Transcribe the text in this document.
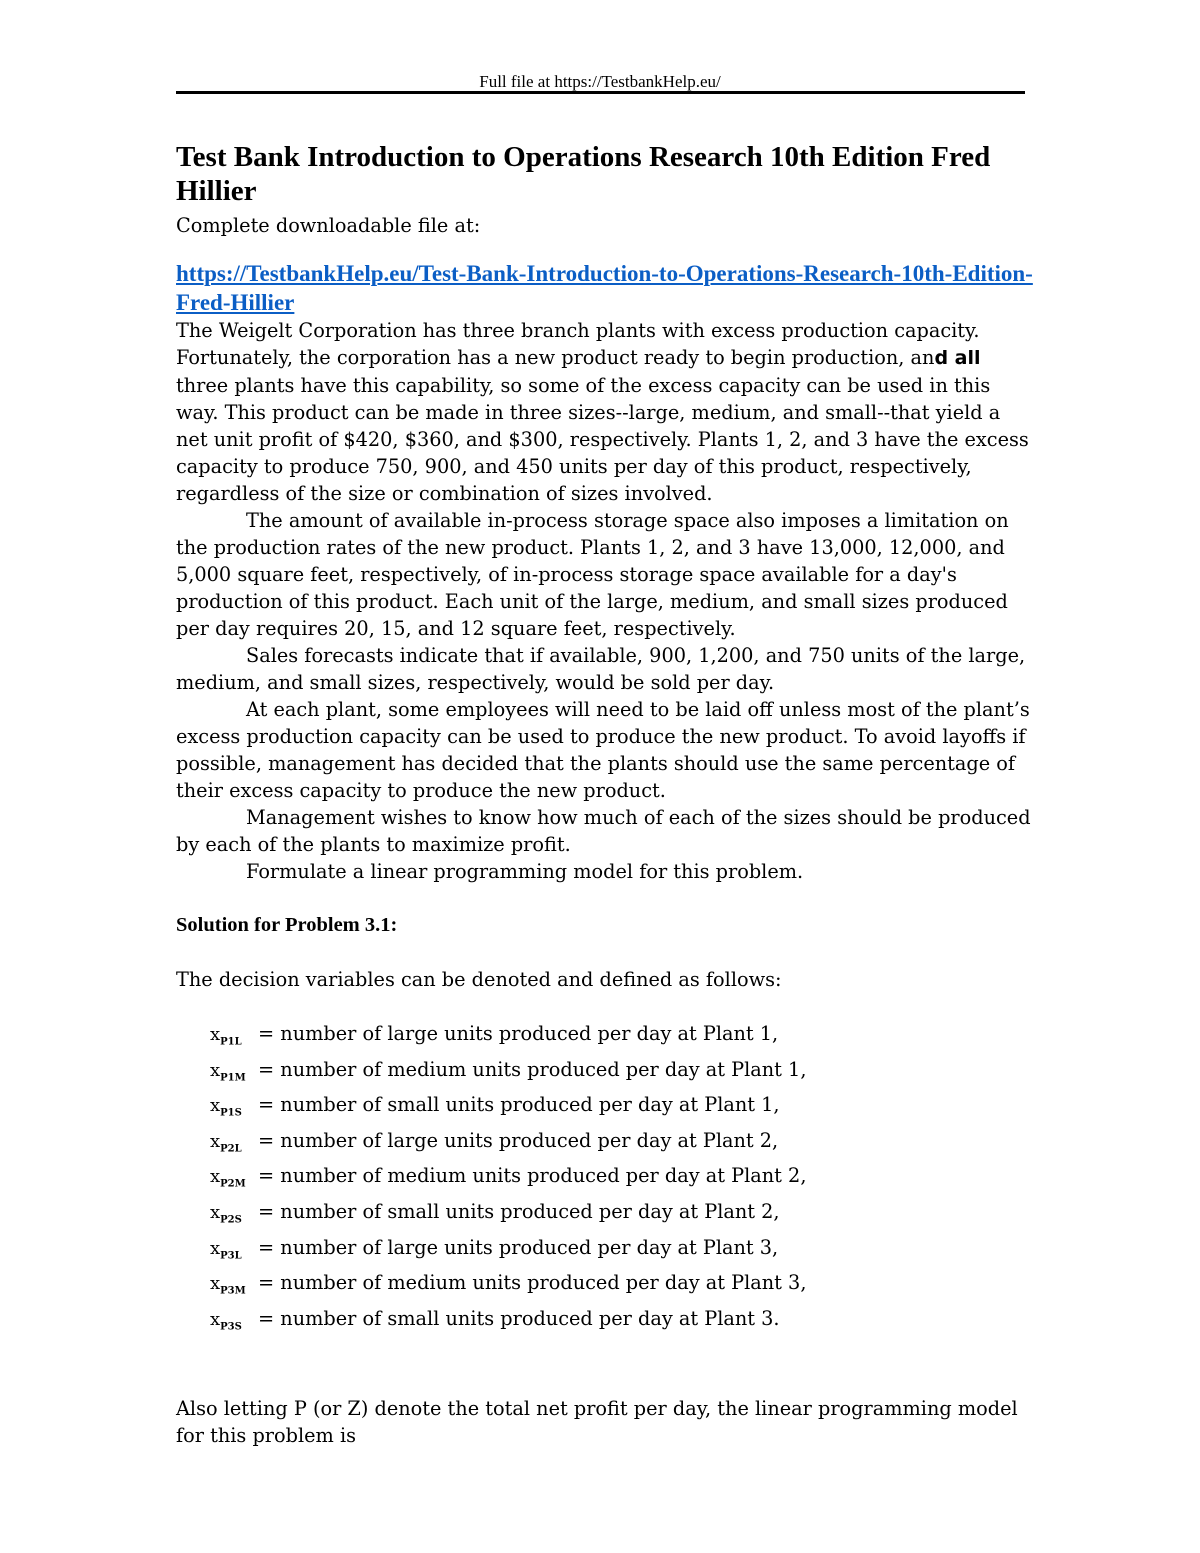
Full file at https://TestbankHelp.eu/
Test Bank Introduction to Operations Research 10th Edition Fred Hillier
Complete downloadable file at:
https://TestbankHelp.eu/Test-Bank-Introduction-to-Operations-Research-10th-Edition-Fred-Hillier

The Weigelt Corporation has three branch plants with excess production capacity. Fortunately, the corporation has a new product ready to begin production, and all three plants have this capability, so some of the excess capacity can be used in this way. This product can be made in three sizes--large, medium, and small--that yield a net unit profit of $420, $360, and $300, respectively. Plants 1, 2, and 3 have the excess capacity to produce 750, 900, and 450 units per day of this product, respectively, regardless of the size or combination of sizes involved.

The amount of available in-process storage space also imposes a limitation on the production rates of the new product. Plants 1, 2, and 3 have 13,000, 12,000, and 5,000 square feet, respectively, of in-process storage space available for a day's production of this product. Each unit of the large, medium, and small sizes produced per day requires 20, 15, and 12 square feet, respectively.

Sales forecasts indicate that if available, 900, 1,200, and 750 units of the large, medium, and small sizes, respectively, would be sold per day.

At each plant, some employees will need to be laid off unless most of the plant’s excess production capacity can be used to produce the new product. To avoid layoffs if possible, management has decided that the plants should use the same percentage of their excess capacity to produce the new product.

Management wishes to know how much of each of the sizes should be produced by each of the plants to maximize profit.

Formulate a linear programming model for this problem.

Solution for Problem 3.1:
The decision variables can be denoted and defined as follows:
$x_{P1L}$ = number of large units produced per day at Plant 1,
$x_{P1M}$ = number of medium units produced per day at Plant 1,
$x_{P1S}$ = number of small units produced per day at Plant 1,
$x_{P2L}$ = number of large units produced per day at Plant 2,
$x_{P2M}$ = number of medium units produced per day at Plant 2,
$x_{P2S}$ = number of small units produced per day at Plant 2,
$x_{P3L}$ = number of large units produced per day at Plant 3,
$x_{P3M}$ = number of medium units produced per day at Plant 3,
$x_{P3S}$ = number of small units produced per day at Plant 3.
Also letting P (or Z) denote the total net profit per day, the linear programming model for this problem is
